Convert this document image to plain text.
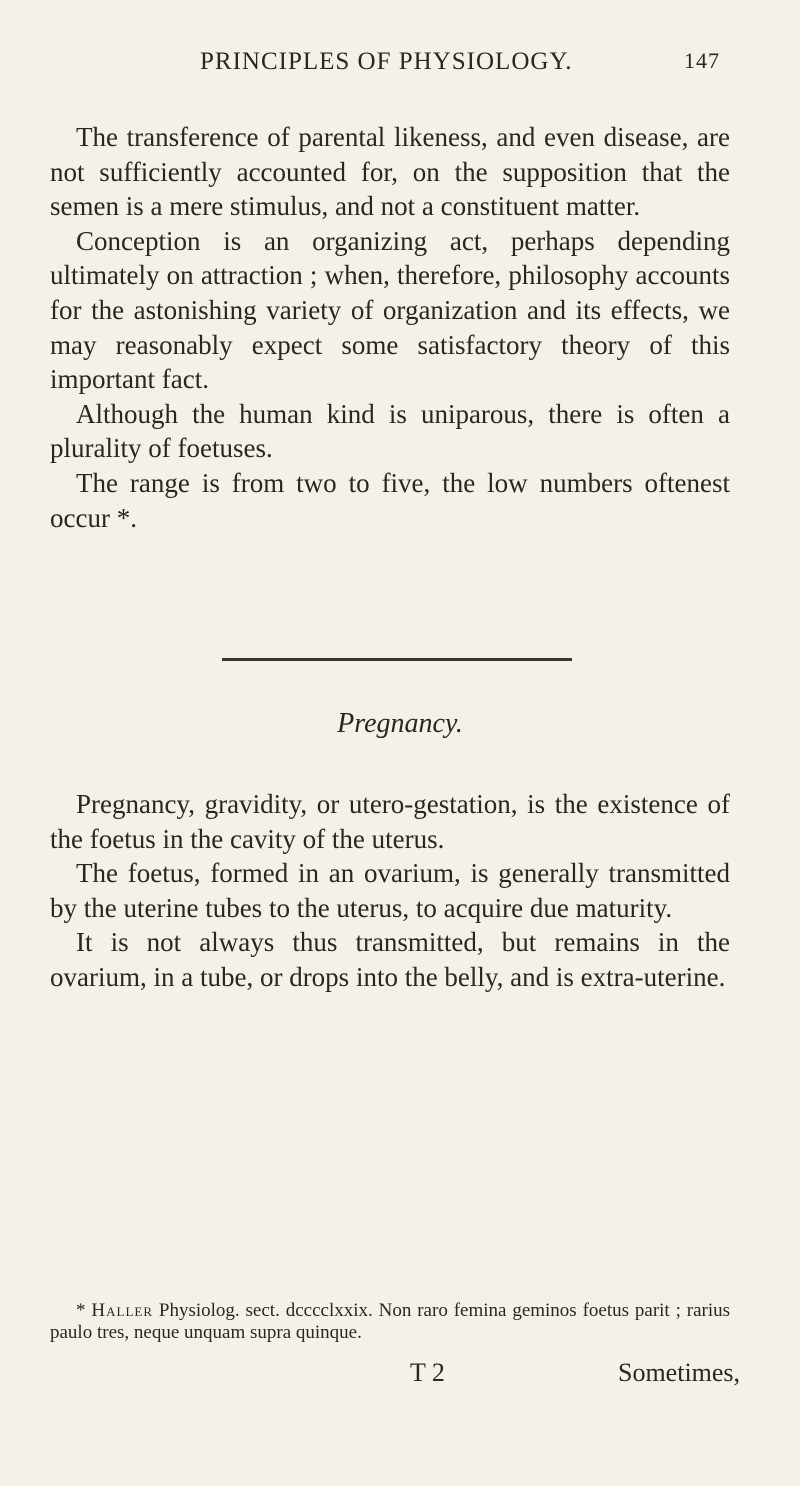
PRINCIPLES OF PHYSIOLOGY.	147

The transference of parental likeness, and even disease, are not sufficiently accounted for, on the supposition that the semen is a mere stimulus, and not a constituent matter.

Conception is an organizing act, perhaps depending ultimately on attraction ; when, therefore, philosophy accounts for the astonishing variety of organization and its effects, we may reasonably expect some satisfactory theory of this important fact.

Although the human kind is uniparous, there is often a plurality of foetuses.

The range is from two to five, the low numbers oftenest occur *.

Pregnancy.

Pregnancy, gravidity, or utero-gestation, is the existence of the foetus in the cavity of the uterus.

The foetus, formed in an ovarium, is generally transmitted by the uterine tubes to the uterus, to acquire due maturity.

It is not always thus transmitted, but remains in the ovarium, in a tube, or drops into the belly, and is extra-uterine.

* Haller Physiolog. sect. dcccclxxix. Non raro femina geminos foetus parit ; rarius paulo tres, neque unquam supra quinque.
T 2	Sometimes,
